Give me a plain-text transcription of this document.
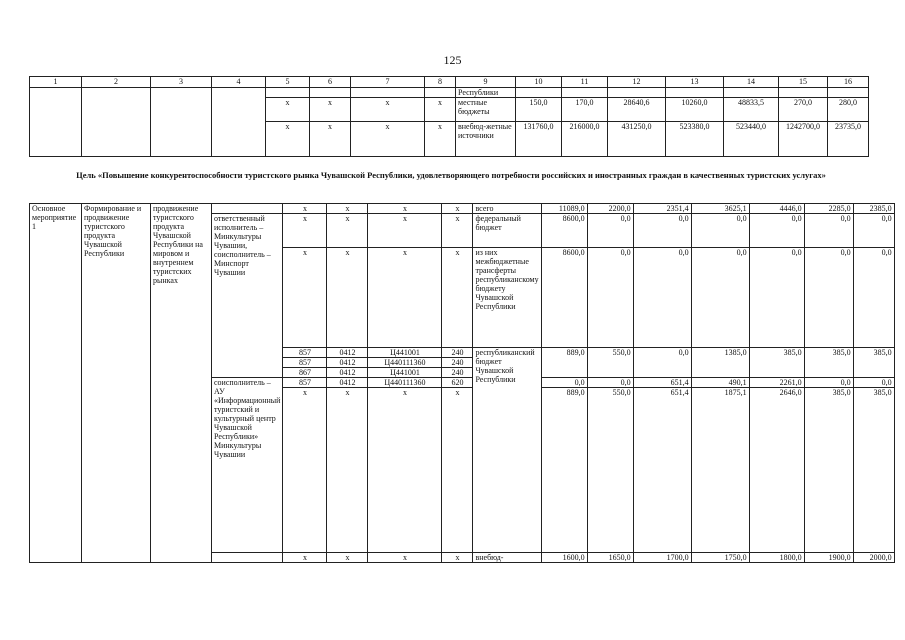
125
1	2	3	4	5	6	7	8	9	10	11	12	13	14	15	16
								Республики							
				х	х	х	х	местные бюджеты	150,0	170,0	28640,6	10260,0	48833,5	270,0	280,0
				х	х	х	х	внебюд-жетные источники	131760,0	216000,0	431250,0	523380,0	523440,0	1242700,0	23735,0
Цель «Повышение конкурентоспособности туристского рынка Чувашской Республики, удовлетворяющего потребности российских и иностранных граждан в качественных туристских услугах»
Основное мероприятие 1	Формирование и продвижение туристского продукта Чувашской Республики	продвижение туристского продукта Чувашской Республики на мировом и внутреннем туристских рынках		х	х	х	х	всего	11089,0	2200,0	2351,4	3625,1	4446,0	2285,0	2385,0
			ответственный исполнитель – Минкультуры Чувашии, соисполнитель – Минспорт Чувашии	х	х	х	х	федеральный бюджет	8600,0	0,0	0,0	0,0	0,0	0,0	0,0
				х	х	х	х	из них межбюджетные трансферты республиканскому бюджету Чувашской Республики	8600,0	0,0	0,0	0,0	0,0	0,0	0,0
				857	0412	Ц441001	240	республиканский бюджет Чувашской Республики	889,0	550,0	0,0	1385,0	385,0	385,0	385,0
				857	0412	Ц440111360	240								
				867	0412	Ц441001	240								
			соисполнитель – АУ «Информационный туристский и культурный центр Чувашской Республики» Минкультуры Чувашии	857	0412	Ц440111360	620		0,0	0,0	651,4	490,1	2261,0	0,0	0,0
				х	х	х	х		889,0	550,0	651,4	1875,1	2646,0	385,0	385,0
				х	х	х	х	внебюд-	1600,0	1650,0	1700,0	1750,0	1800,0	1900,0	2000,0
